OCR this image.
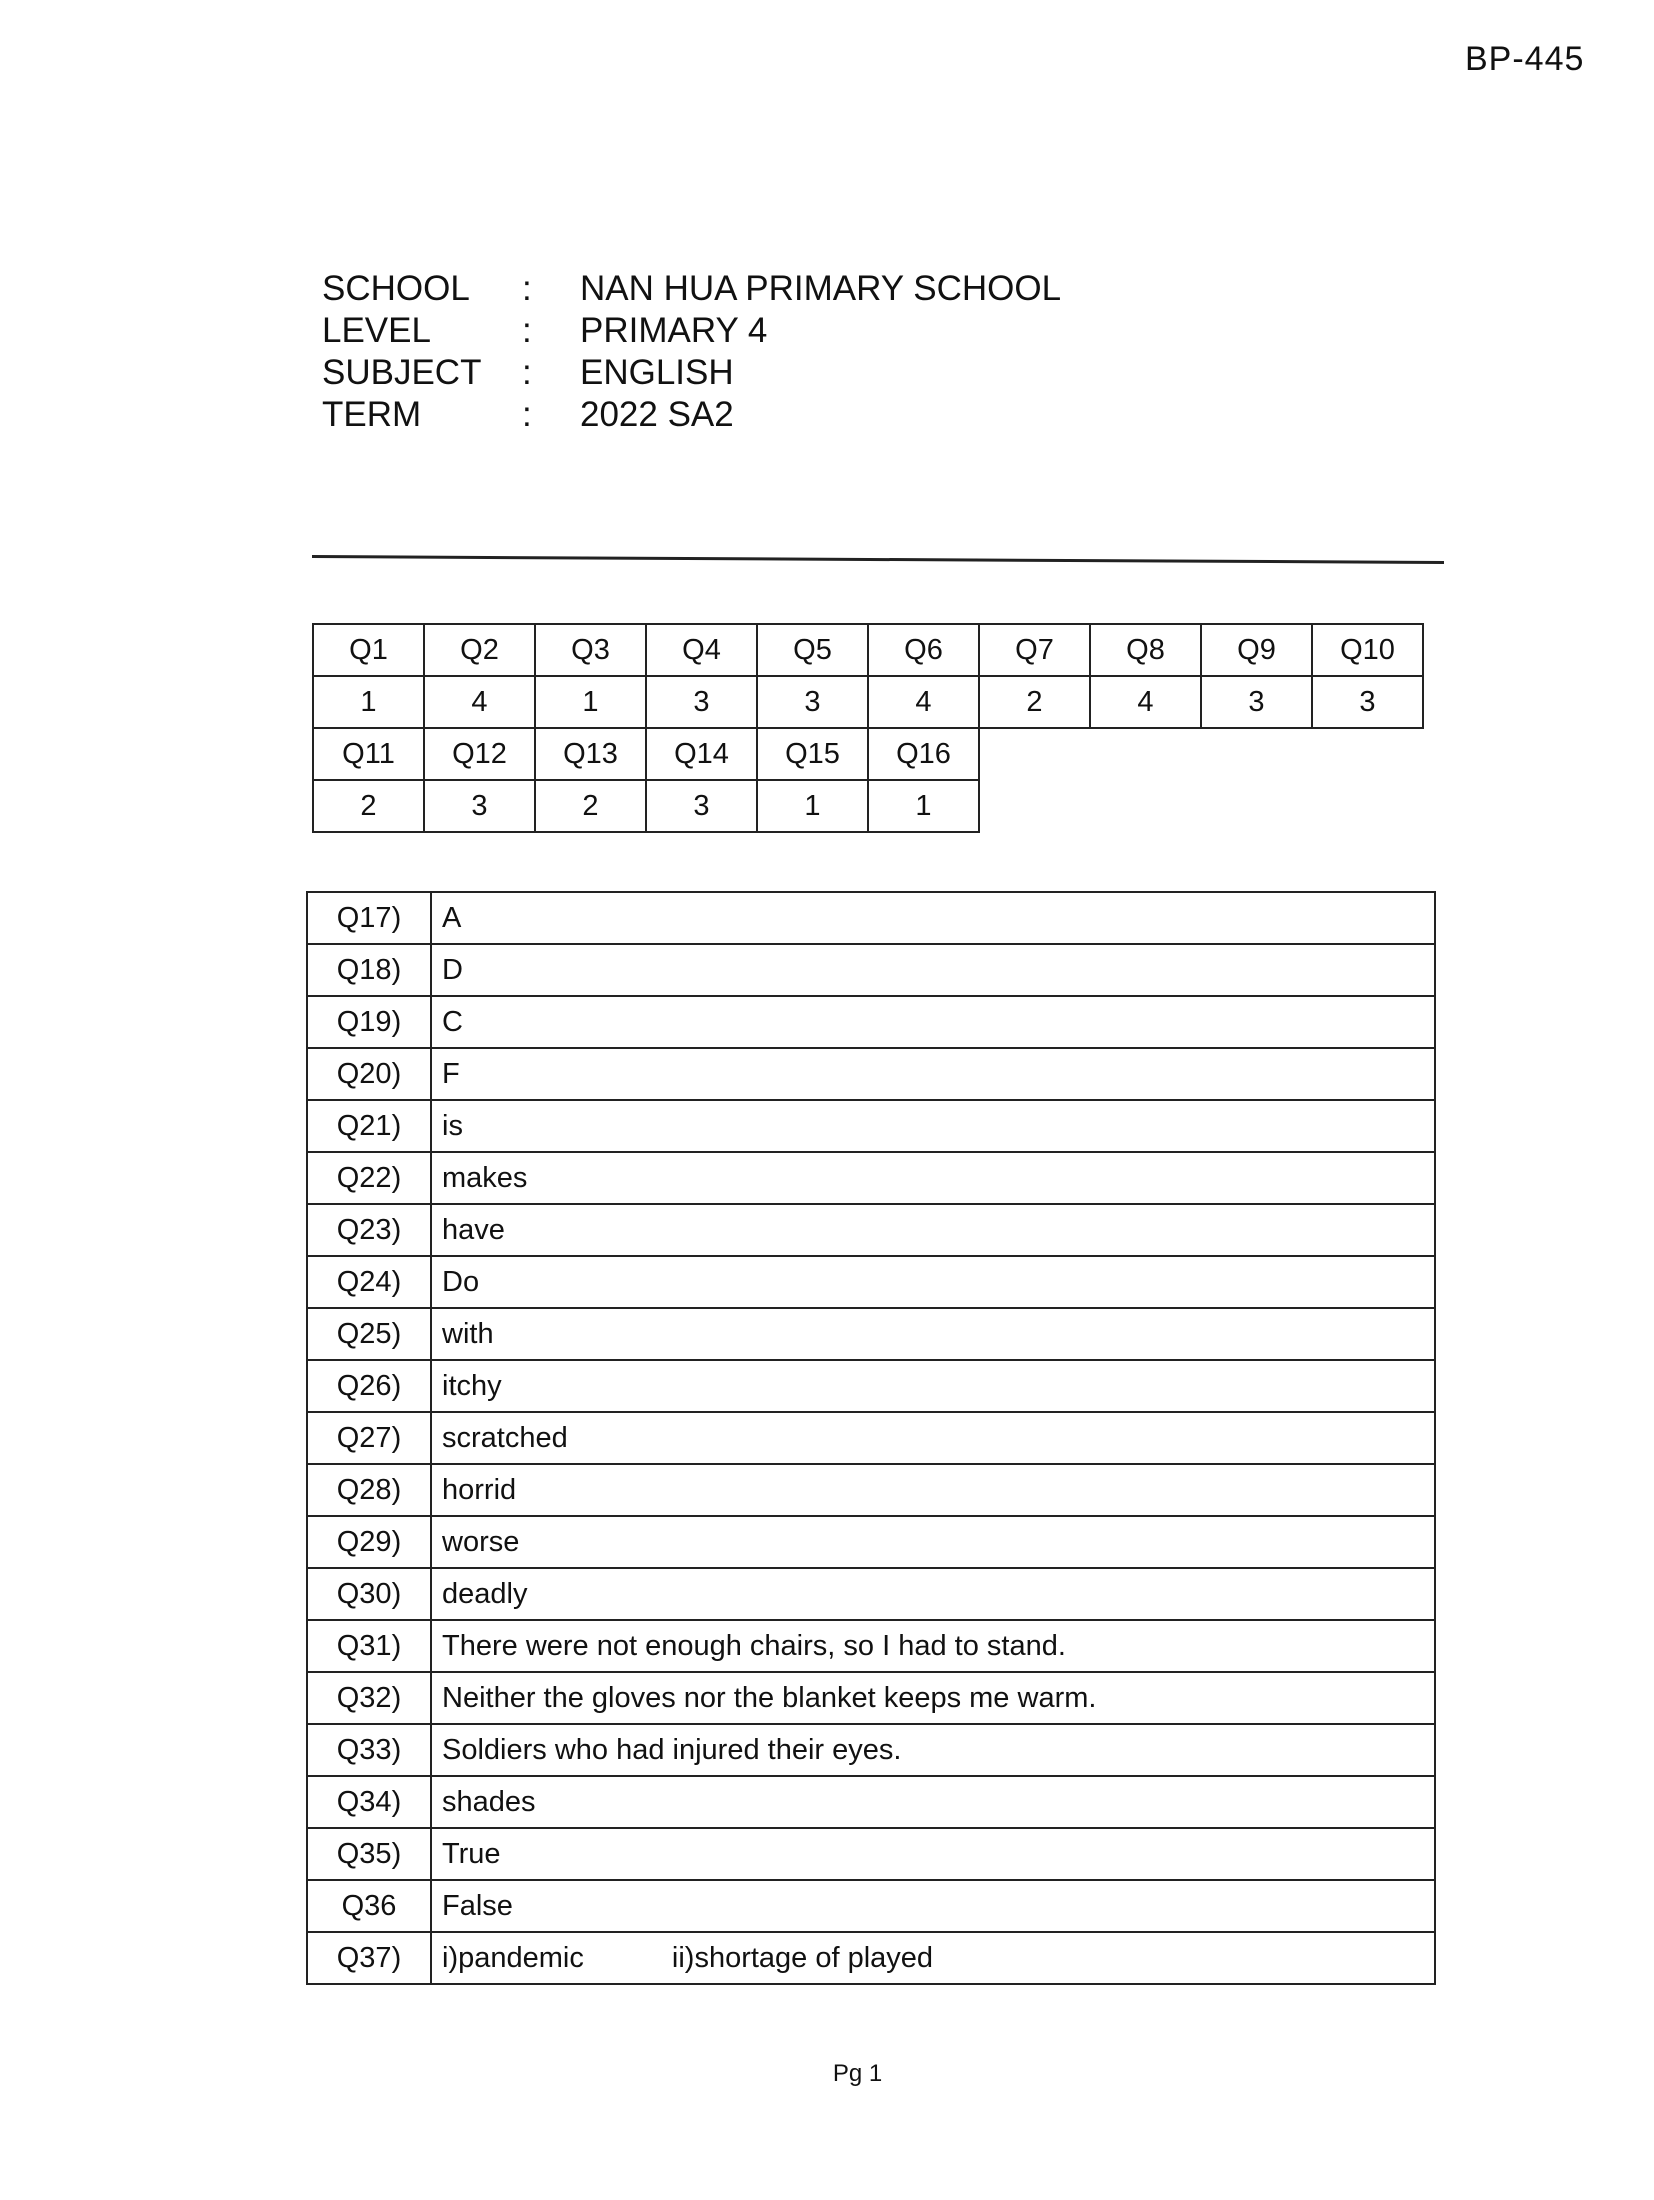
BP-445
SCHOOL	:	NAN HUA PRIMARY SCHOOL
LEVEL	:	PRIMARY 4
SUBJECT	:	ENGLISH
TERM	:	2022 SA2
Q1	Q2	Q3	Q4	Q5	Q6	Q7	Q8	Q9	Q10
1	4	1	3	3	4	2	4	3	3
Q11	Q12	Q13	Q14	Q15	Q16				
2	3	2	3	1	1				
Q17)	A
Q18)	D
Q19)	C
Q20)	F
Q21)	is
Q22)	makes
Q23)	have
Q24)	Do
Q25)	with
Q26)	itchy
Q27)	scratched
Q28)	horrid
Q29)	worse
Q30)	deadly
Q31)	There were not enough chairs, so I had to stand.
Q32)	Neither the gloves nor the blanket keeps me warm.
Q33)	Soldiers who had injured their eyes.
Q34)	shades
Q35)	True
Q36	False
Q37)	i)pandemic ii)shortage of played
Pg 1
